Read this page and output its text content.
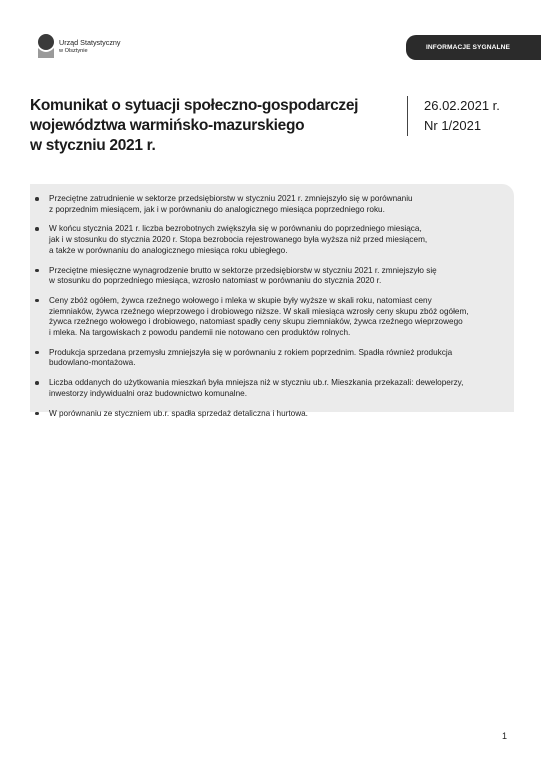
Urząd Statystyczny
w Olsztynie
INFORMACJE SYGNALNE
Komunikat o sytuacji społeczno-gospodarczej
województwa warmińsko-mazurskiego
w styczniu 2021 r.
26.02.2021 r.
Nr 1/2021
Przeciętne zatrudnienie w sektorze przedsiębiorstw w styczniu 2021 r. zmniejszyło się w porównaniu
z poprzednim miesiącem, jak i w porównaniu do analogicznego miesiąca poprzedniego roku.
W końcu stycznia 2021 r. liczba bezrobotnych zwiększyła się w porównaniu do poprzedniego miesiąca,
jak i w stosunku do stycznia 2020 r. Stopa bezrobocia rejestrowanego była wyższa niż przed miesiącem,
a także w porównaniu do analogicznego miesiąca roku ubiegłego.
Przeciętne miesięczne wynagrodzenie brutto w sektorze przedsiębiorstw w styczniu 2021 r. zmniejszyło się
w stosunku do poprzedniego miesiąca, wzrosło natomiast w porównaniu do stycznia 2020 r.
Ceny zbóż ogółem, żywca rzeźnego wołowego i mleka w skupie były wyższe w skali roku, natomiast ceny
ziemniaków, żywca rzeźnego wieprzowego i drobiowego niższe. W skali miesiąca wzrosły ceny skupu zbóż ogółem,
żywca rzeźnego wołowego i drobiowego, natomiast spadły ceny skupu ziemniaków, żywca rzeźnego wieprzowego
i mleka. Na targowiskach z powodu pandemii nie notowano cen produktów rolnych.
Produkcja sprzedana przemysłu zmniejszyła się w porównaniu z rokiem poprzednim. Spadła również produkcja
budowlano-montażowa.
Liczba oddanych do użytkowania mieszkań była mniejsza niż w styczniu ub.r. Mieszkania przekazali: deweloperzy,
inwestorzy indywidualni oraz budownictwo komunalne.
W porównaniu ze styczniem ub.r. spadła sprzedaż detaliczna i hurtowa.
1
